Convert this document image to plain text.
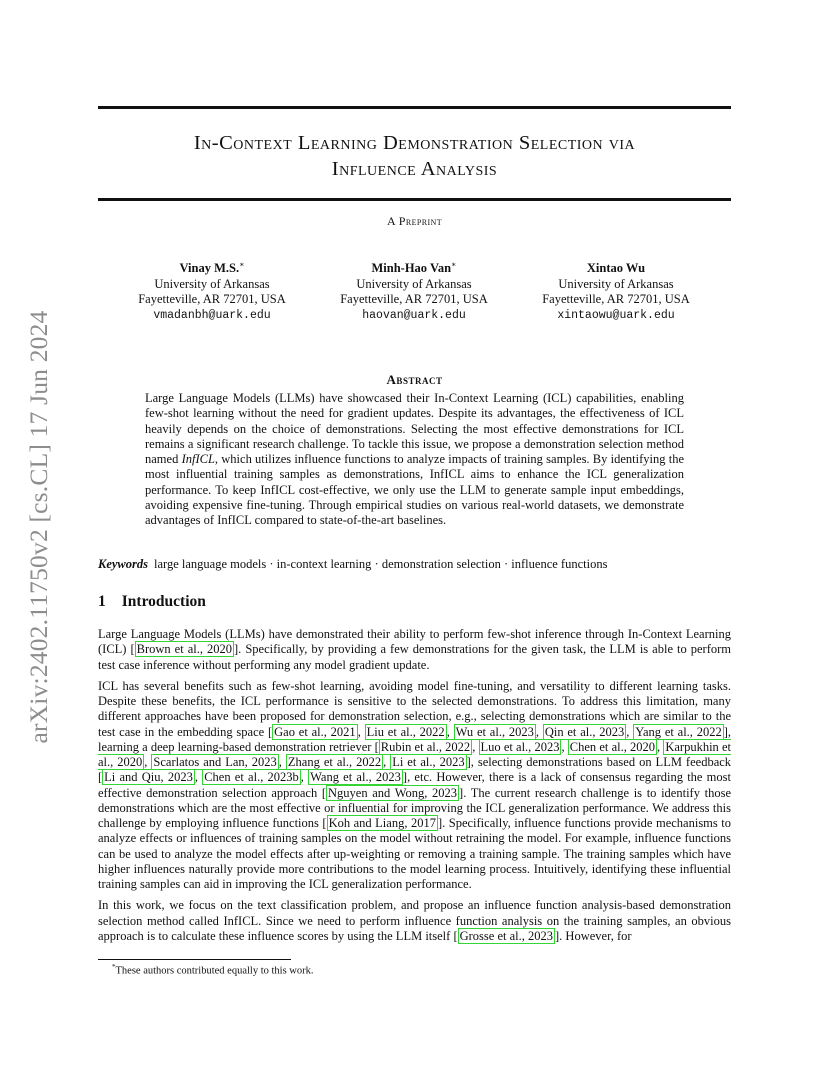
arXiv:2402.11750v2 [cs.CL] 17 Jun 2024
In-Context Learning Demonstration Selection via
Influence Analysis
A Preprint
Vinay M.S.∗
University of Arkansas
Fayetteville, AR 72701, USA
vmadanbh@uark.edu
Minh-Hao Van∗
University of Arkansas
Fayetteville, AR 72701, USA
haovan@uark.edu
Xintao Wu
University of Arkansas
Fayetteville, AR 72701, USA
xintaowu@uark.edu
Abstract
Large Language Models (LLMs) have showcased their In-Context Learning (ICL) capabilities, enabling few-shot learning without the need for gradient updates. Despite its advantages, the effectiveness of ICL heavily depends on the choice of demonstrations. Selecting the most effective demonstrations for ICL remains a significant research challenge. To tackle this issue, we propose a demonstration selection method named InfICL, which utilizes influence functions to analyze impacts of training samples. By identifying the most influential training samples as demonstrations, InfICL aims to enhance the ICL generalization performance. To keep InfICL cost-effective, we only use the LLM to generate sample input embeddings, avoiding expensive fine-tuning. Through empirical studies on various real-world datasets, we demonstrate advantages of InfICL compared to state-of-the-art baselines.
Keywords large language models · in-context learning · demonstration selection · influence functions
1 Introduction

Large Language Models (LLMs) have demonstrated their ability to perform few-shot inference through In-Context Learning (ICL) [ Brown et al., 2020 ]. Specifically, by providing a few demonstrations for the given task, the LLM is able to perform test case inference without performing any model gradient update.

ICL has several benefits such as few-shot learning, avoiding model fine-tuning, and versatility to different learning tasks. Despite these benefits, the ICL performance is sensitive to the selected demonstrations. To address this limitation, many different approaches have been proposed for demonstration selection, e.g., selecting demonstrations which are similar to the test case in the embedding space [ Gao et al., 2021 , Liu et al., 2022 , Wu et al., 2023 , Qin et al., 2023 , Yang et al., 2022 ], learning a deep learning-based demonstration retriever [ Rubin et al., 2022 , Luo et al., 2023 , Chen et al., 2020 , Karpukhin et al., 2020 , Scarlatos and Lan, 2023 , Zhang et al., 2022 , Li et al., 2023 ], selecting demonstrations based on LLM feedback [ Li and Qiu, 2023 , Chen et al., 2023b , Wang et al., 2023 ], etc. However, there is a lack of consensus regarding the most effective demonstration selection approach [ Nguyen and Wong, 2023 ]. The current research challenge is to identify those demonstrations which are the most effective or influential for improving the ICL generalization performance. We address this challenge by employing influence functions [ Koh and Liang, 2017 ]. Specifically, influence functions provide mechanisms to analyze effects or influences of training samples on the model without retraining the model. For example, influence functions can be used to analyze the model effects after up-weighting or removing a training sample. The training samples which have higher influences naturally provide more contributions to the model learning process. Intuitively, identifying these influential training samples can aid in improving the ICL generalization performance.

In this work, we focus on the text classification problem, and propose an influence function analysis-based demonstration selection method called InfICL. Since we need to perform influence function analysis on the training samples, an obvious approach is to calculate these influence scores by using the LLM itself [ Grosse et al., 2023 ]. However, for

*These authors contributed equally to this work.
